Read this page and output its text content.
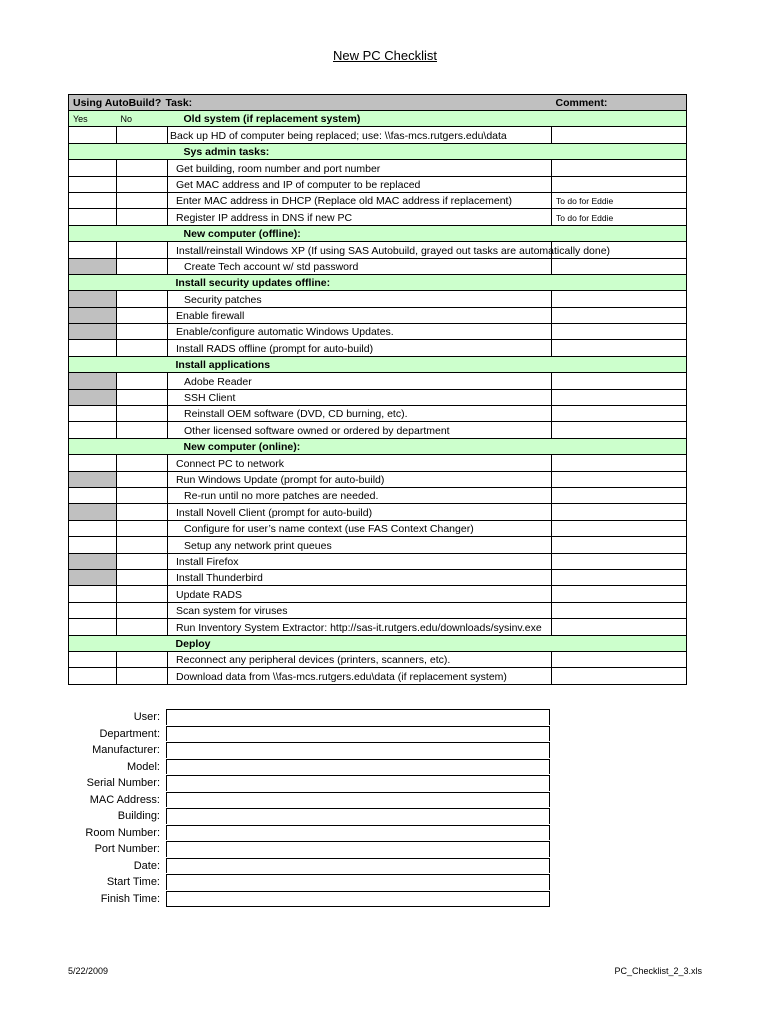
New PC Checklist
Using AutoBuild?		Task:	Comment:
Yes	No	Old system (if replacement system)	
		Back up HD of computer being replaced; use: \\fas-mcs.rutgers.edu\data	
		Sys admin tasks:	
		Get building, room number and port number	
		Get MAC address and IP of computer to be replaced	
		Enter MAC address in DHCP (Replace old MAC address if replacement)	To do for Eddie
		Register IP address in DNS if new PC	To do for Eddie
		New computer (offline):	
		Install/reinstall Windows XP (If using SAS Autobuild, grayed out tasks are automatically done)	
		Create Tech account w/ std password	
		Install security updates offline:	
		Security patches	
		Enable firewall	
		Enable/configure automatic Windows Updates.	
		Install RADS offline (prompt for auto-build)	
		Install applications	
		Adobe Reader	
		SSH Client	
		Reinstall OEM software (DVD, CD burning, etc).	
		Other licensed software owned or ordered by department	
		New computer (online):	
		Connect PC to network	
		Run Windows Update (prompt for auto-build)	
		Re-run until no more patches are needed.	
		Install Novell Client (prompt for auto-build)	
		Configure for user’s name context (use FAS Context Changer)	
		Setup any network print queues	
		Install Firefox	
		Install Thunderbird	
		Update RADS	
		Scan system for viruses	
		Run Inventory System Extractor: http://sas-it.rutgers.edu/downloads/sysinv.exe	
		Deploy	
		Reconnect any peripheral devices (printers, scanners, etc).	
		Download data from \\fas-mcs.rutgers.edu\data (if replacement system)	
User:
Department:
Manufacturer:
Model:
Serial Number:
MAC Address:
Building:
Room Number:
Port Number:
Date:
Start Time:
Finish Time:
5/22/2009	PC_Checklist_2_3.xls
